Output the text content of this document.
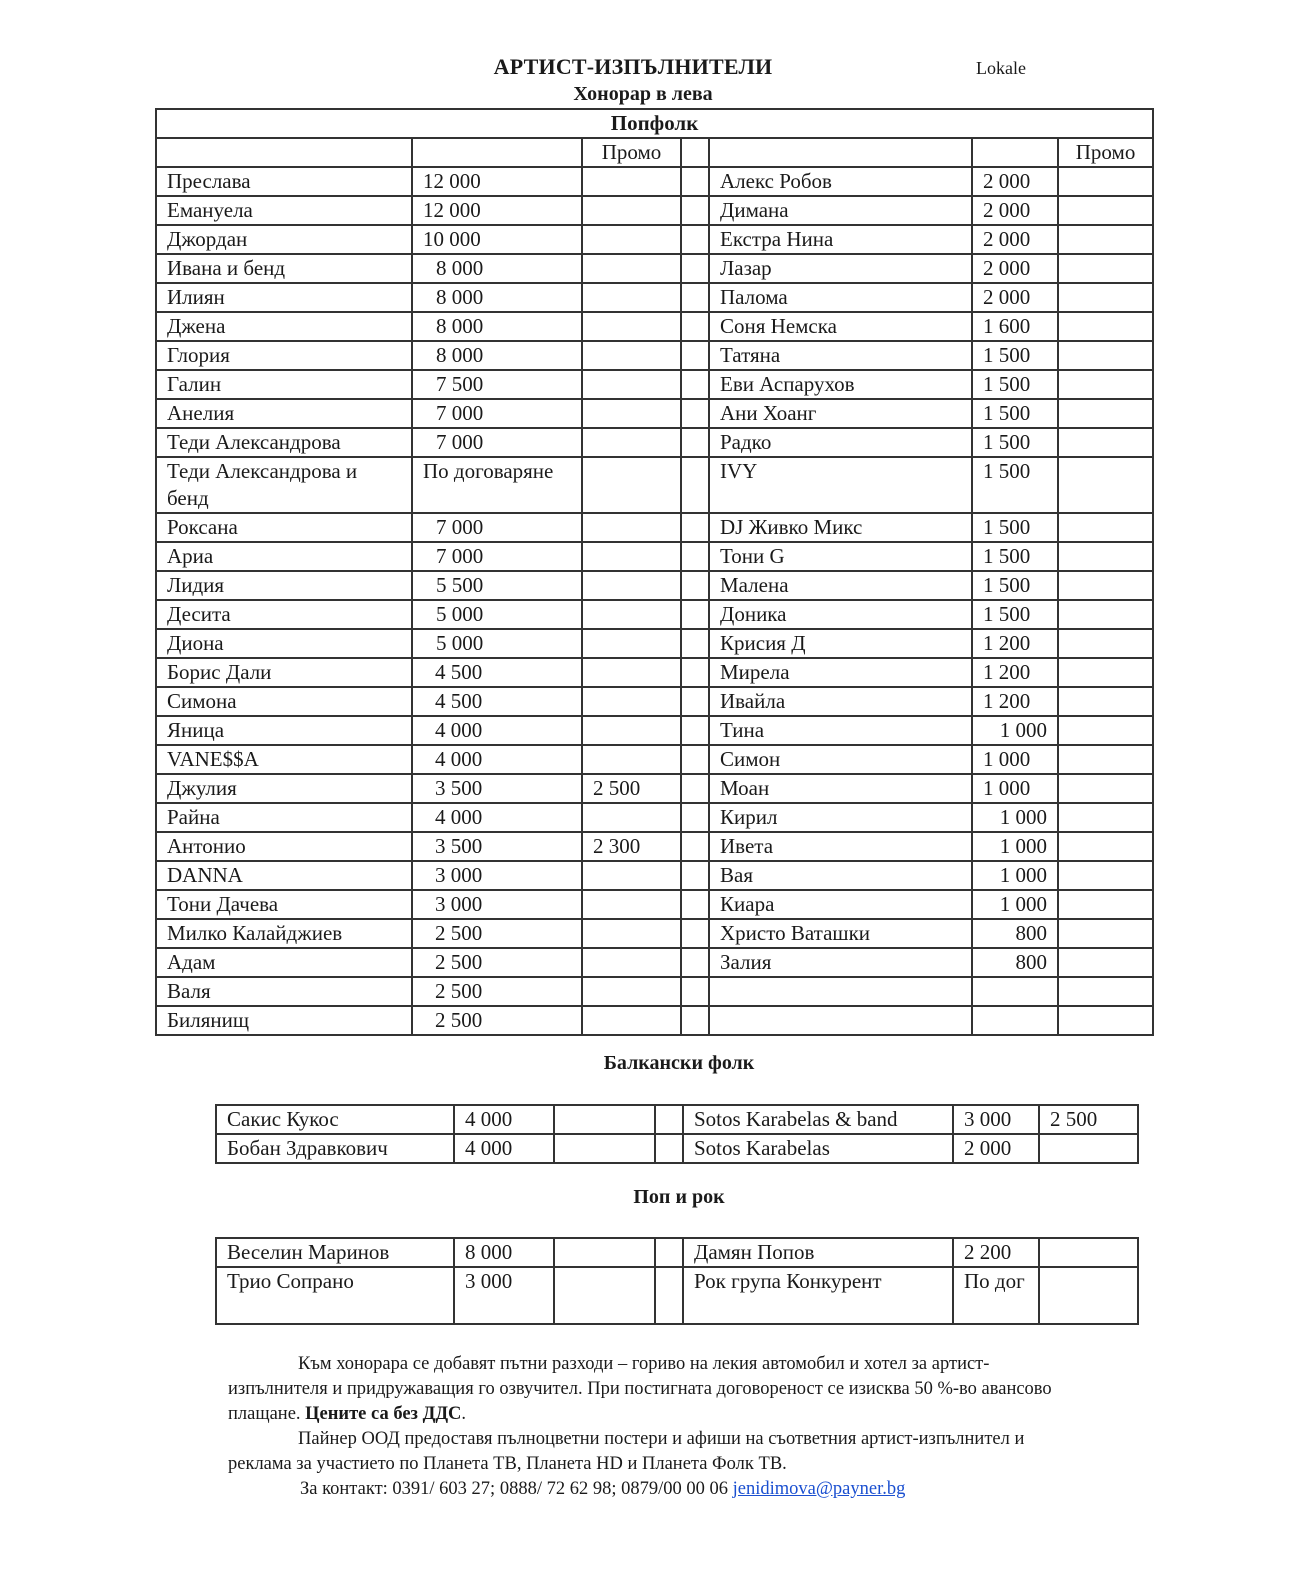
АРТИСТ-ИЗПЪЛНИТЕЛИ	Lokale
Хонорар в лева
Попфолк						
		Промо				Промо
Преслава	12 000			Алекс Робов	2 000	
Емануела	12 000			Димана	2 000	
Джордан	10 000			Екстра Нина	2 000	
Ивана и бенд	8 000			Лазар	2 000	
Илиян	8 000			Палома	2 000	
Джена	8 000			Соня Немска	1 600	
Глория	8 000			Татяна	1 500	
Галин	7 500			Еви Аспарухов	1 500	
Анелия	7 000			Ани Хоанг	1 500	
Теди Александрова	7 000			Радко	1 500	
Теди Александрова и бенд	По договаряне			IVY	1 500	
Роксана	7 000			DJ Живко Микс	1 500	
Ариа	7 000			Тони G	1 500	
Лидия	5 500			Малена	1 500	
Десита	5 000			Доника	1 500	
Диона	5 000			Крисия Д	1 200	
Борис Дали	4 500			Мирела	1 200	
Симона	4 500			Ивайла	1 200	
Яница	4 000			Тина	1 000	
VANE$$A	4 000			Симон	1 000	
Джулия	3 500	2 500		Моан	1 000	
Райна	4 000			Кирил	1 000	
Антонио	3 500	2 300		Ивета	1 000	
DANNA	3 000			Вая	1 000	
Тони Дачева	3 000			Киара	1 000	
Милко Калайджиев	2 500			Христо Ваташки	800	
Адам	2 500			Залия	800	
Валя	2 500					
Билянищ	2 500					
Балкански фолк
Сакис Кукос	4 000			Sotos Karabelas & band	3 000	2 500
Бобан Здравкович	4 000			Sotos Karabelas	2 000	
Поп и рок
Веселин Маринов	8 000			Дамян Попов	2 200	
Трио Сопрано	3 000			Рок група Конкурент	По дог	

Към хонорара се добавят пътни разходи – гориво на лекия автомобил и хотел за артист-изпълнителя и придружаващия го озвучител. При постигната договореност се изисква 50 %-во авансово плащане. Цените са без ДДС.

Пайнер ООД предоставя пълноцветни постери и афиши на съответния артист-изпълнител и реклама за участието по Планета ТВ, Планета HD и Планета Фолк ТВ.

За контакт: 0391/ 603 27; 0888/ 72 62 98; 0879/00 00 06 jenidimova@payner.bg
